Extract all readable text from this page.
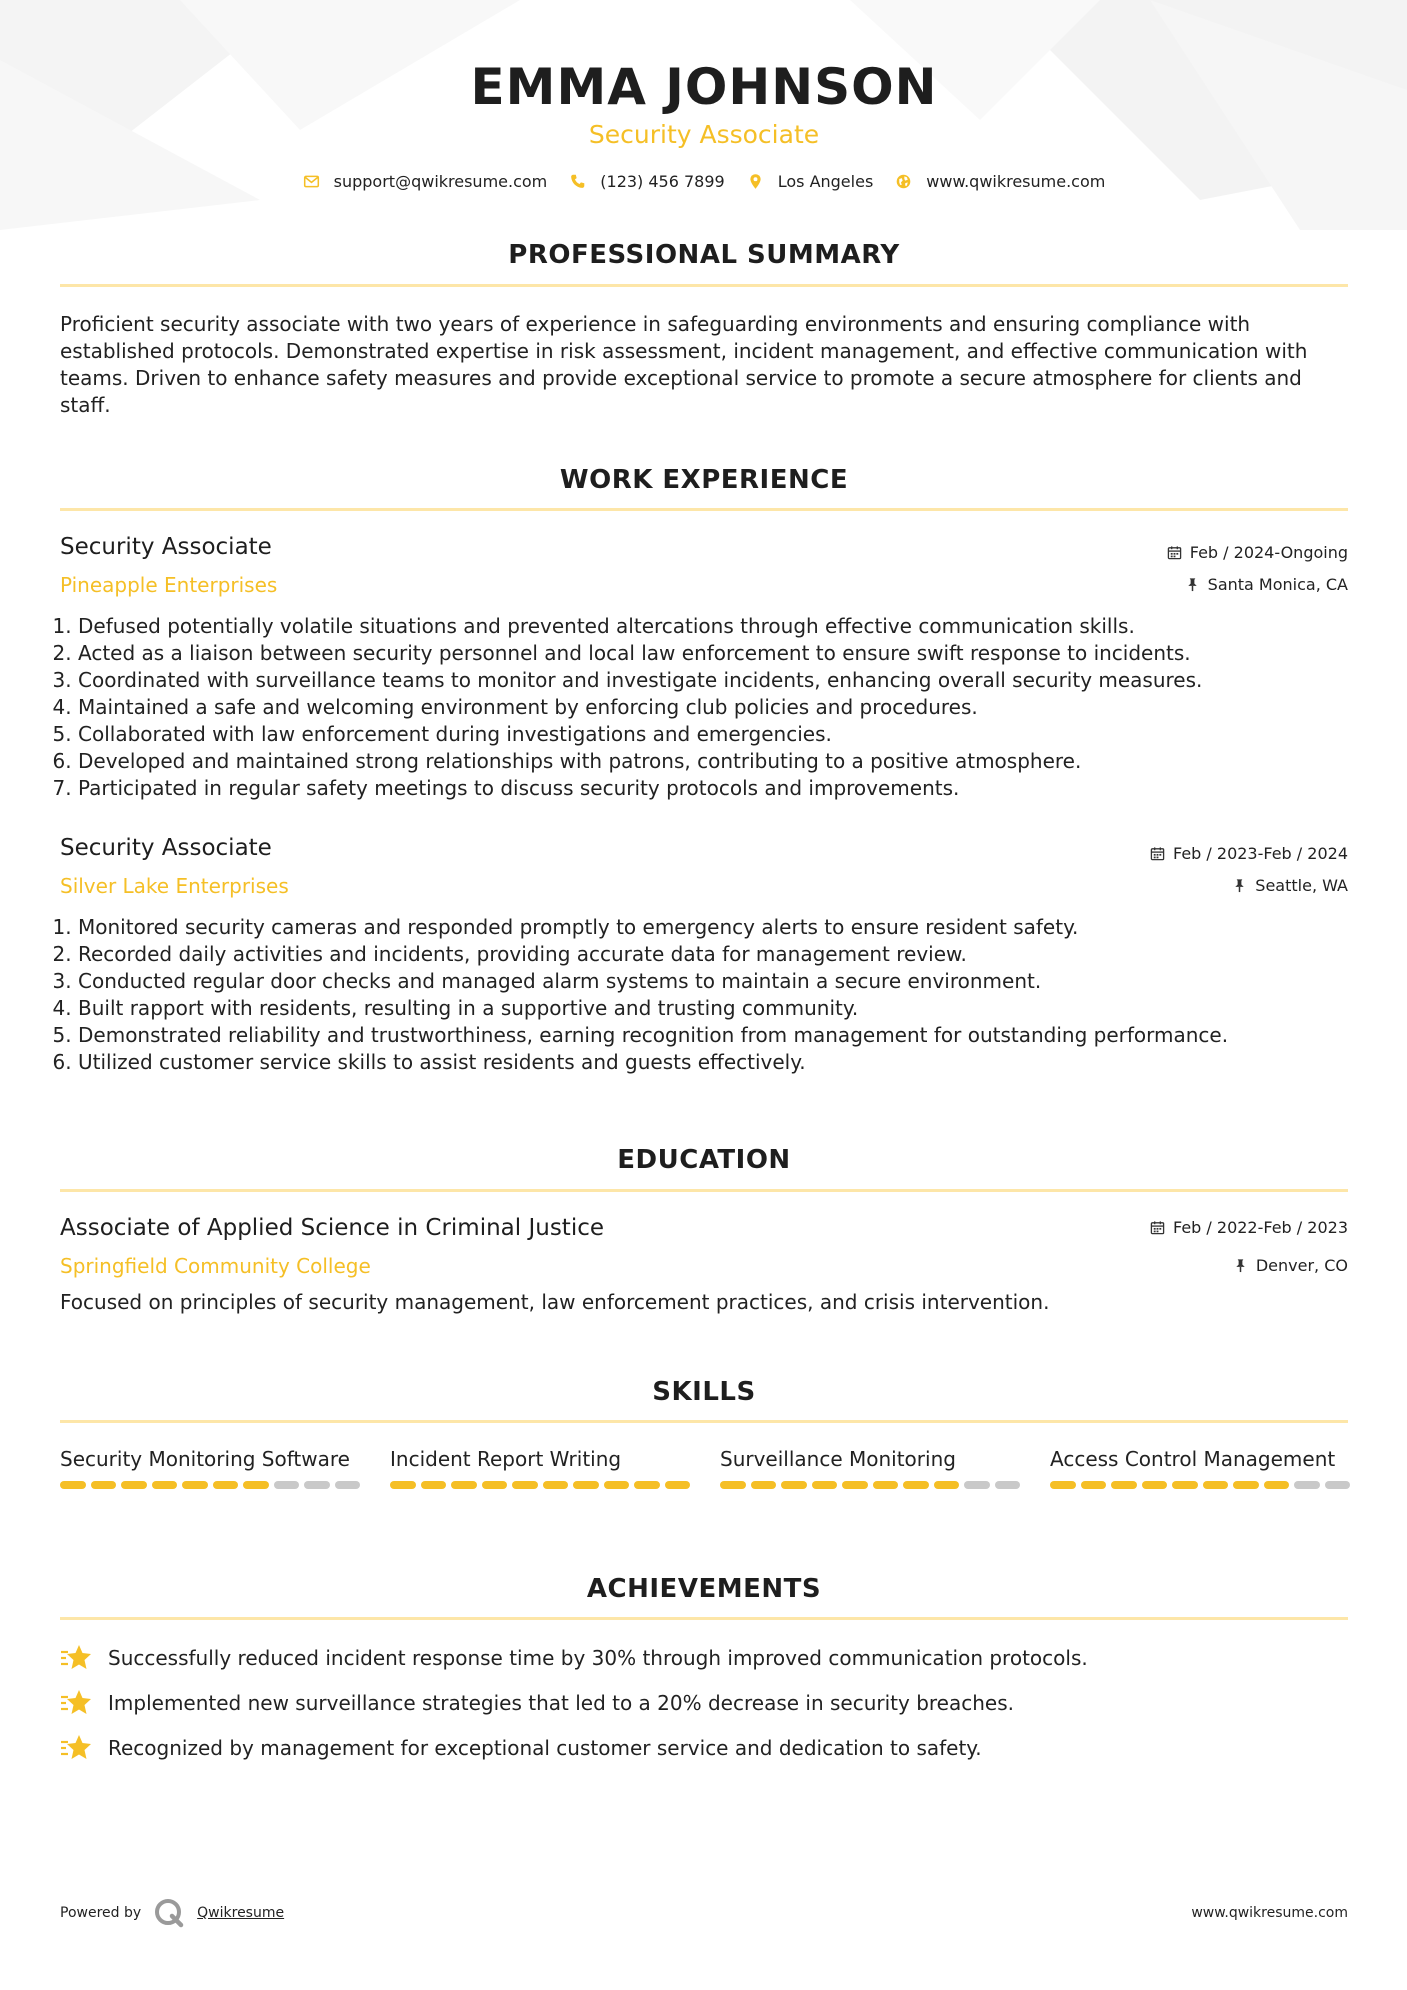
EMMA JOHNSON
Security Associate
support@qwikresume.com	(123) 456 7899	Los Angeles	www.qwikresume.com
PROFESSIONAL SUMMARY
Proficient security associate with two years of experience in safeguarding environments and ensuring compliance with established protocols. Demonstrated expertise in risk assessment, incident management, and effective communication with teams. Driven to enhance safety measures and provide exceptional service to promote a secure atmosphere for clients and staff.
WORK EXPERIENCE
Security Associate	Feb / 2024-Ongoing
Pineapple Enterprises	Santa Monica, CA
1. Defused potentially volatile situations and prevented altercations through effective communication skills.
2. Acted as a liaison between security personnel and local law enforcement to ensure swift response to incidents.
3. Coordinated with surveillance teams to monitor and investigate incidents, enhancing overall security measures.
4. Maintained a safe and welcoming environment by enforcing club policies and procedures.
5. Collaborated with law enforcement during investigations and emergencies.
6. Developed and maintained strong relationships with patrons, contributing to a positive atmosphere.
7. Participated in regular safety meetings to discuss security protocols and improvements.
Security Associate	Feb / 2023-Feb / 2024
Silver Lake Enterprises	Seattle, WA
1. Monitored security cameras and responded promptly to emergency alerts to ensure resident safety.
2. Recorded daily activities and incidents, providing accurate data for management review.
3. Conducted regular door checks and managed alarm systems to maintain a secure environment.
4. Built rapport with residents, resulting in a supportive and trusting community.
5. Demonstrated reliability and trustworthiness, earning recognition from management for outstanding performance.
6. Utilized customer service skills to assist residents and guests effectively.
EDUCATION
Associate of Applied Science in Criminal Justice	Feb / 2022-Feb / 2023
Springfield Community College	Denver, CO
Focused on principles of security management, law enforcement practices, and crisis intervention.
SKILLS
Security Monitoring Software	Incident Report Writing	Surveillance Monitoring	Access Control Management
ACHIEVEMENTS
Successfully reduced incident response time by 30% through improved communication protocols.
Implemented new surveillance strategies that led to a 20% decrease in security breaches.
Recognized by management for exceptional customer service and dedication to safety.
Powered by	Qwikresume	www.qwikresume.com
